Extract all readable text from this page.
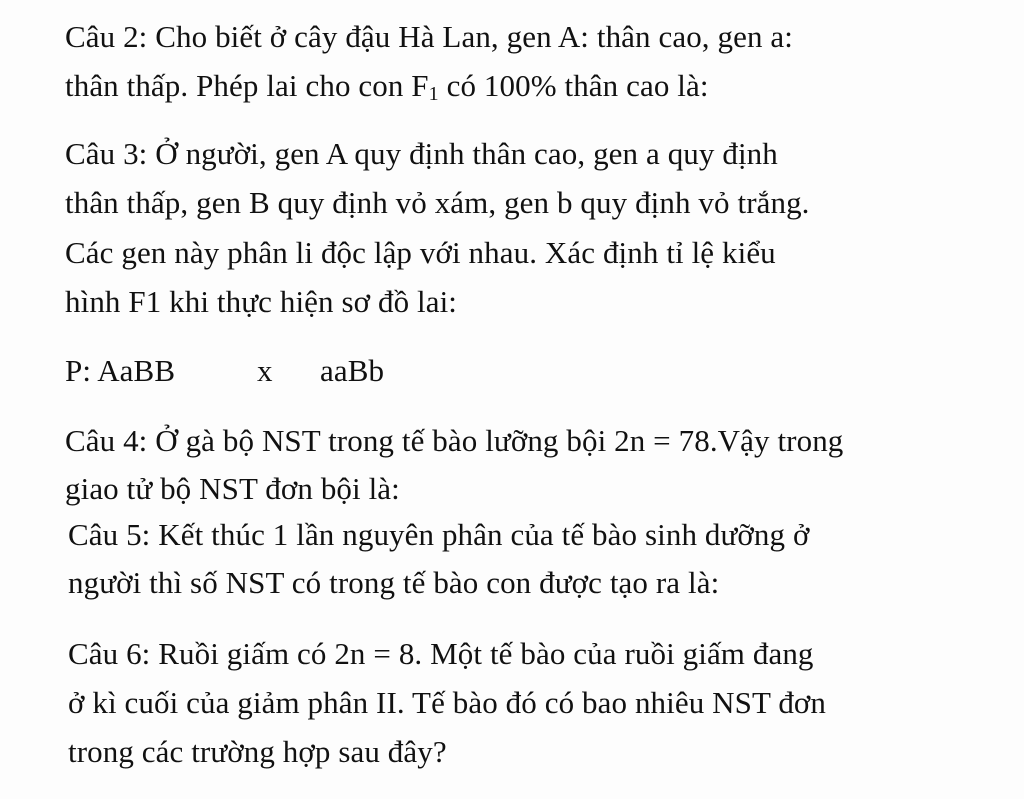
Câu 2: Cho biết ở cây đậu Hà Lan, gen A: thân cao, gen a:
thân thấp. Phép lai cho con $F_1$ có 100% thân cao là:
Câu 3: Ở người, gen A quy định thân cao, gen a quy định
thân thấp, gen B quy định vỏ xám, gen b quy định vỏ trắng.
Các gen này phân li độc lập với nhau. Xác định tỉ lệ kiểu
hình F1 khi thực hiện sơ đồ lai:
P: AaBB	x aaBb
Câu 4: Ở gà bộ NST trong tế bào lưỡng bội 2n = 78.Vậy trong
giao tử bộ NST đơn bội là:
Câu 5: Kết thúc 1 lần nguyên phân của tế bào sinh dưỡng ở
người thì số NST có trong tế bào con được tạo ra là:
Câu 6: Ruồi giấm có 2n = 8. Một tế bào của ruồi giấm đang
ở kì cuối của giảm phân II. Tế bào đó có bao nhiêu NST đơn
trong các trường hợp sau đây?
